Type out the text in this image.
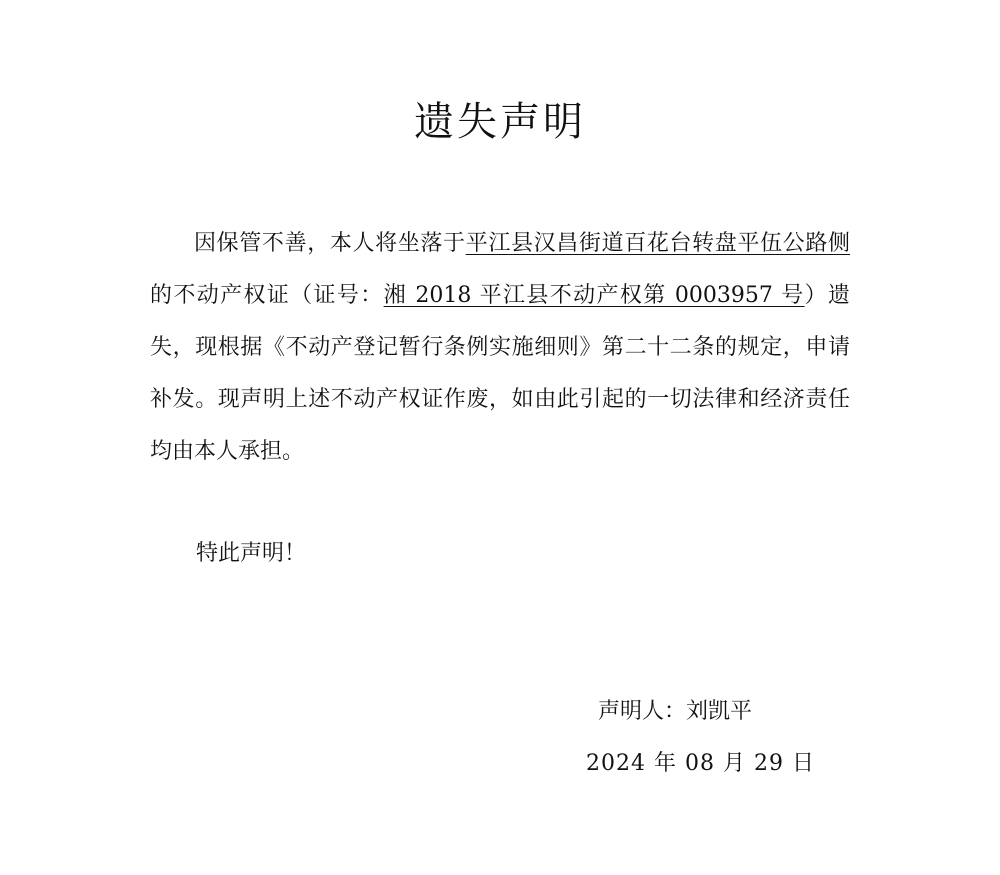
遗失声明
因保管不善，本人将坐落于平江县汉昌街道百花台转盘平伍公路侧的不动产权证（证号：湘 2018 平江县不动产权第 0003957 号）遗失，现根据《不动产登记暂行条例实施细则》第二十二条的规定，申请补发。现声明上述不动产权证作废，如由此引起的一切法律和经济责任均由本人承担。
特此声明！
声明人：刘凯平
2024 年 08 月 29 日
